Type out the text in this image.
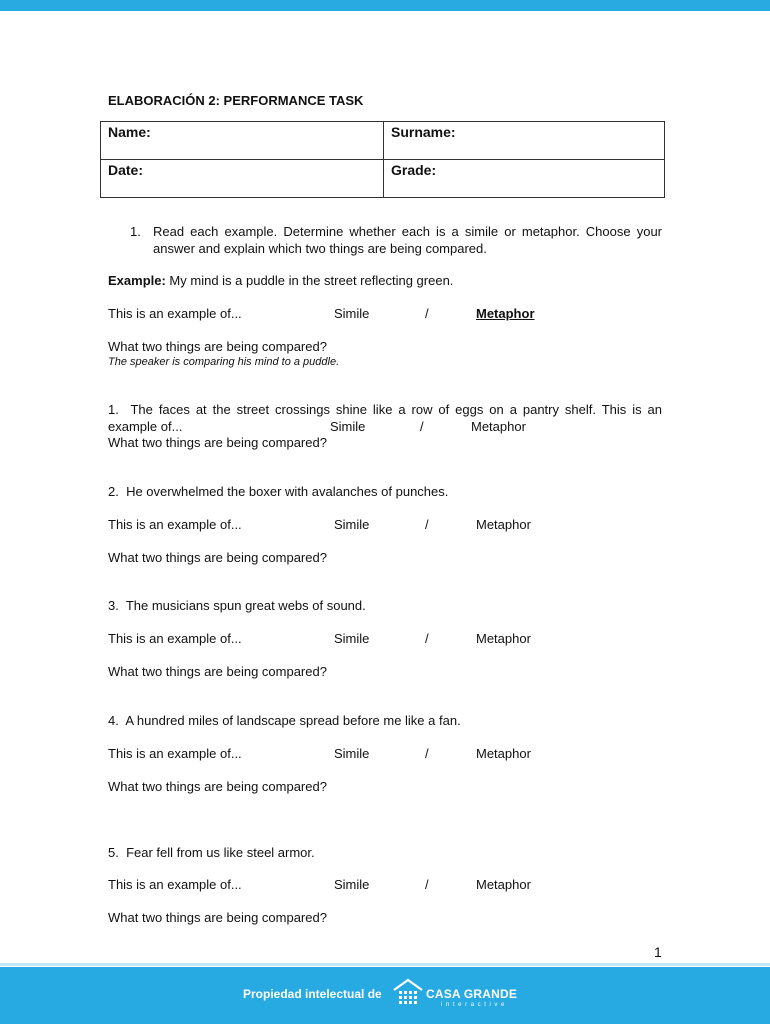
ELABORACIÓN 2: PERFORMANCE TASK
Name:	Surname:
Date:	Grade:
1. Read each example. Determine whether each is a simile or metaphor. Choose your answer and explain which two things are being compared.
Example: My mind is a puddle in the street reflecting green.
This is an example of...	Simile	/	Metaphor
What two things are being compared?
The speaker is comparing his mind to a puddle.
1. The faces at the street crossings shine like a row of eggs on a pantry shelf. This is an example of...	Simile	/	Metaphor
What two things are being compared?
2. He overwhelmed the boxer with avalanches of punches.
This is an example of...	Simile	/	Metaphor
What two things are being compared?
3. The musicians spun great webs of sound.
This is an example of...	Simile	/	Metaphor
What two things are being compared?
4. A hundred miles of landscape spread before me like a fan.
This is an example of...	Simile	/	Metaphor
What two things are being compared?
5. Fear fell from us like steel armor.
This is an example of...	Simile	/	Metaphor
What two things are being compared?
1
Propiedad intelectual de	CASA GRANDE
interactive
